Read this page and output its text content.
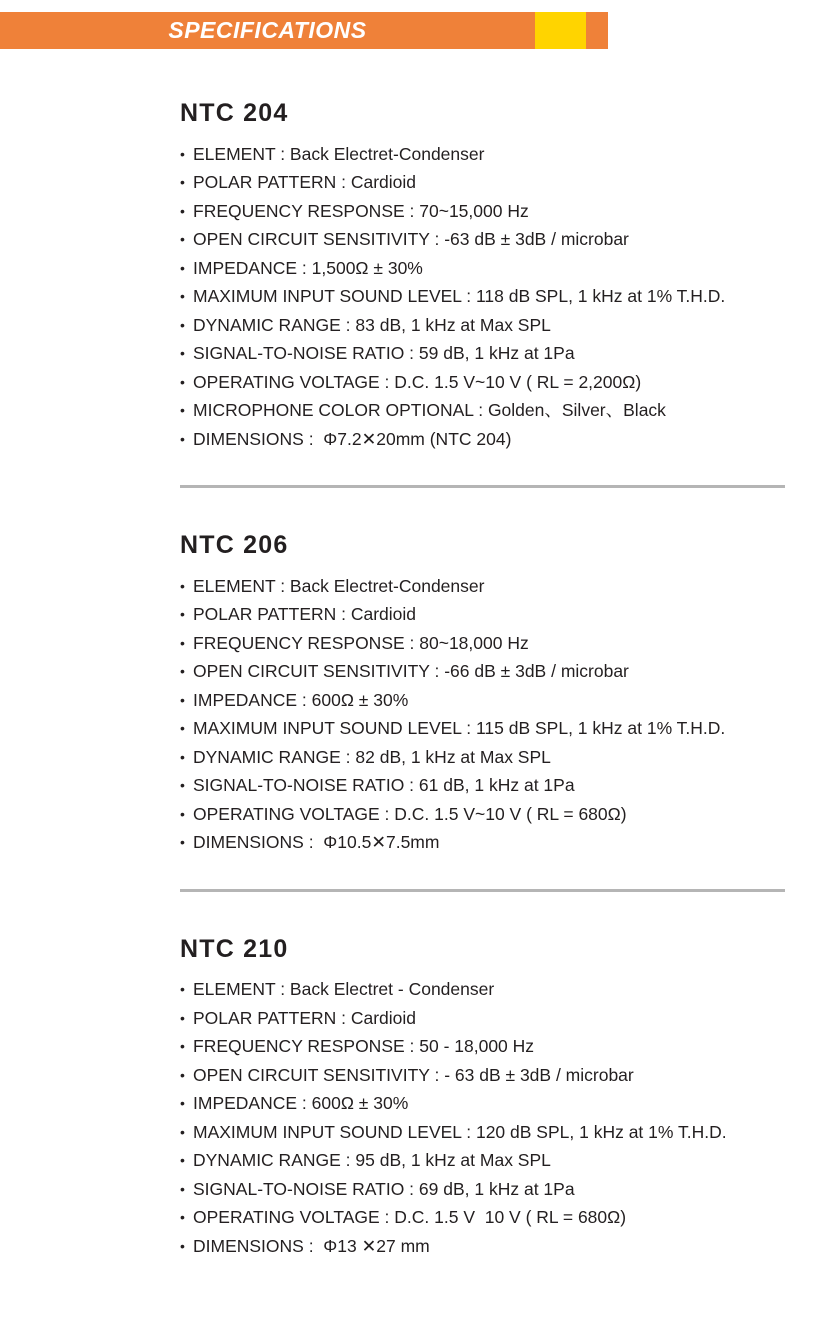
SPECIFICATIONS
NTC 204
• ELEMENT : Back Electret-Condenser
• POLAR PATTERN : Cardioid
• FREQUENCY RESPONSE : 70~15,000 Hz
• OPEN CIRCUIT SENSITIVITY : -63 dB ± 3dB / microbar
• IMPEDANCE : 1,500Ω ± 30%
• MAXIMUM INPUT SOUND LEVEL : 118 dB SPL, 1 kHz at 1% T.H.D.
• DYNAMIC RANGE : 83 dB, 1 kHz at Max SPL
• SIGNAL-TO-NOISE RATIO : 59 dB, 1 kHz at 1Pa
• OPERATING VOLTAGE : D.C. 1.5 V~10 V ( RL = 2,200Ω)
• MICROPHONE COLOR OPTIONAL : Golden、Silver、Black
• DIMENSIONS :  Φ7.2✕20mm (NTC 204)
NTC 206
• ELEMENT : Back Electret-Condenser
• POLAR PATTERN : Cardioid
• FREQUENCY RESPONSE : 80~18,000 Hz
• OPEN CIRCUIT SENSITIVITY : -66 dB ± 3dB / microbar
• IMPEDANCE : 600Ω ± 30%
• MAXIMUM INPUT SOUND LEVEL : 115 dB SPL, 1 kHz at 1% T.H.D.
• DYNAMIC RANGE : 82 dB, 1 kHz at Max SPL
• SIGNAL-TO-NOISE RATIO : 61 dB, 1 kHz at 1Pa
• OPERATING VOLTAGE : D.C. 1.5 V~10 V ( RL = 680Ω)
• DIMENSIONS :  Φ10.5✕7.5mm
NTC 210
• ELEMENT : Back Electret - Condenser
• POLAR PATTERN : Cardioid
• FREQUENCY RESPONSE : 50 - 18,000 Hz
• OPEN CIRCUIT SENSITIVITY : - 63 dB ± 3dB / microbar
• IMPEDANCE : 600Ω ± 30%
• MAXIMUM INPUT SOUND LEVEL : 120 dB SPL, 1 kHz at 1% T.H.D.
• DYNAMIC RANGE : 95 dB, 1 kHz at Max SPL
• SIGNAL-TO-NOISE RATIO : 69 dB, 1 kHz at 1Pa
• OPERATING VOLTAGE : D.C. 1.5 V  10 V ( RL = 680Ω)
• DIMENSIONS :  Φ13 ✕27 mm
